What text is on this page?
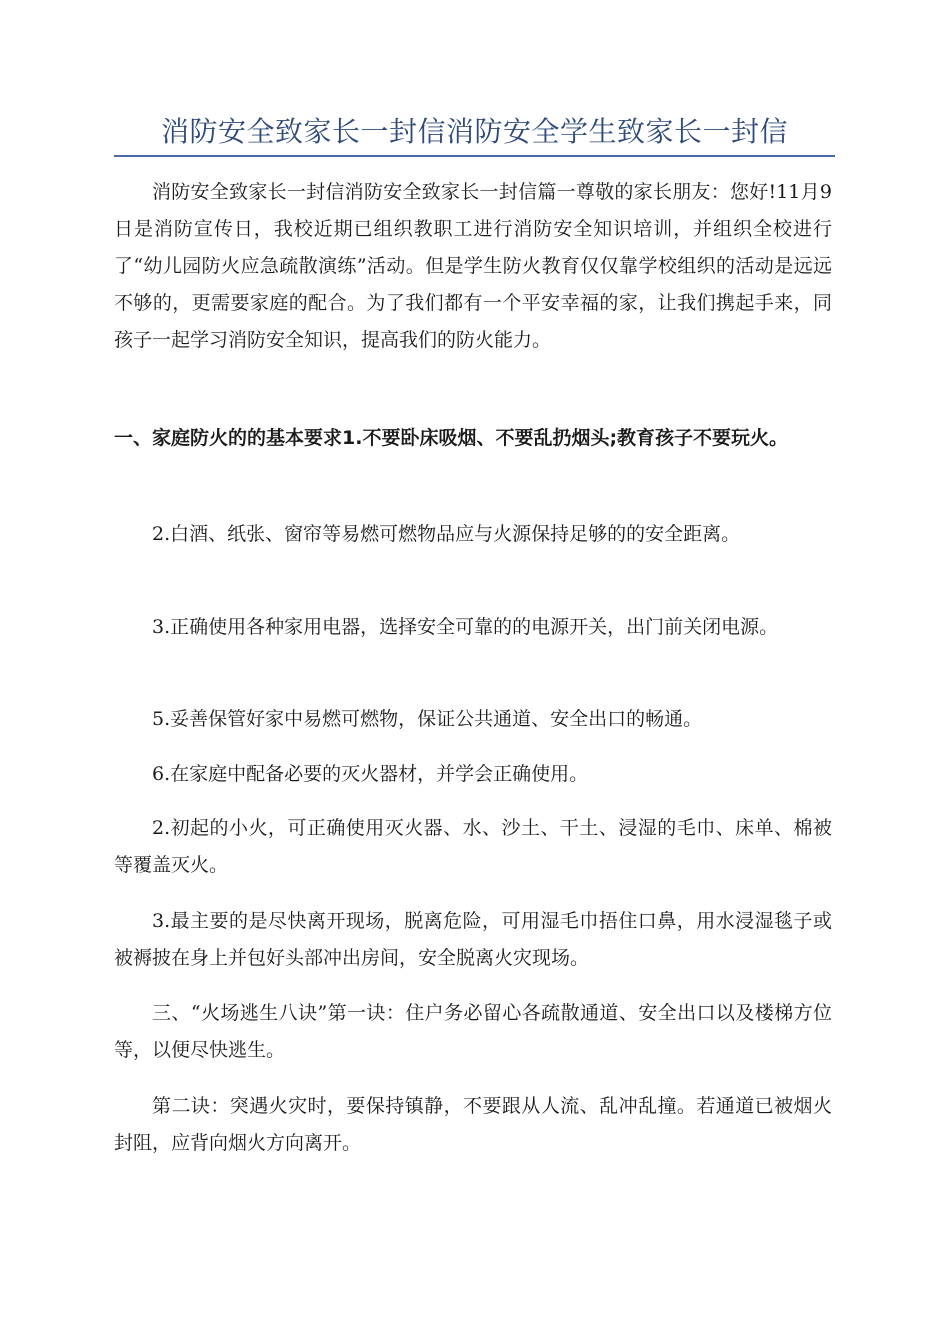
消防安全致家长一封信消防安全学生致家长一封信

消防安全致家长一封信消防安全致家长一封信篇一尊敬的家长朋友：您好!11月9日是消防宣传日，我校近期已组织教职工进行消防安全知识培训，并组织全校进行了“幼儿园防火应急疏散演练”活动。但是学生防火教育仅仅靠学校组织的活动是远远不够的，更需要家庭的配合。为了我们都有一个平安幸福的家，让我们携起手来，同孩子一起学习消防安全知识，提高我们的防火能力。

一、家庭防火的的基本要求1.不要卧床吸烟、不要乱扔烟头;教育孩子不要玩火。

2.白酒、纸张、窗帘等易燃可燃物品应与火源保持足够的的安全距离。

3.正确使用各种家用电器，选择安全可靠的的电源开关，出门前关闭电源。

5.妥善保管好家中易燃可燃物，保证公共通道、安全出口的畅通。

6.在家庭中配备必要的灭火器材，并学会正确使用。

2.初起的小火，可正确使用灭火器、水、沙土、干土、浸湿的毛巾、床单、棉被等覆盖灭火。

3.最主要的是尽快离开现场，脱离危险，可用湿毛巾捂住口鼻，用水浸湿毯子或被褥披在身上并包好头部冲出房间，安全脱离火灾现场。

三、“火场逃生八诀”第一诀：住户务必留心各疏散通道、安全出口以及楼梯方位等，以便尽快逃生。

第二诀：突遇火灾时，要保持镇静，不要跟从人流、乱冲乱撞。若通道已被烟火封阻，应背向烟火方向离开。
